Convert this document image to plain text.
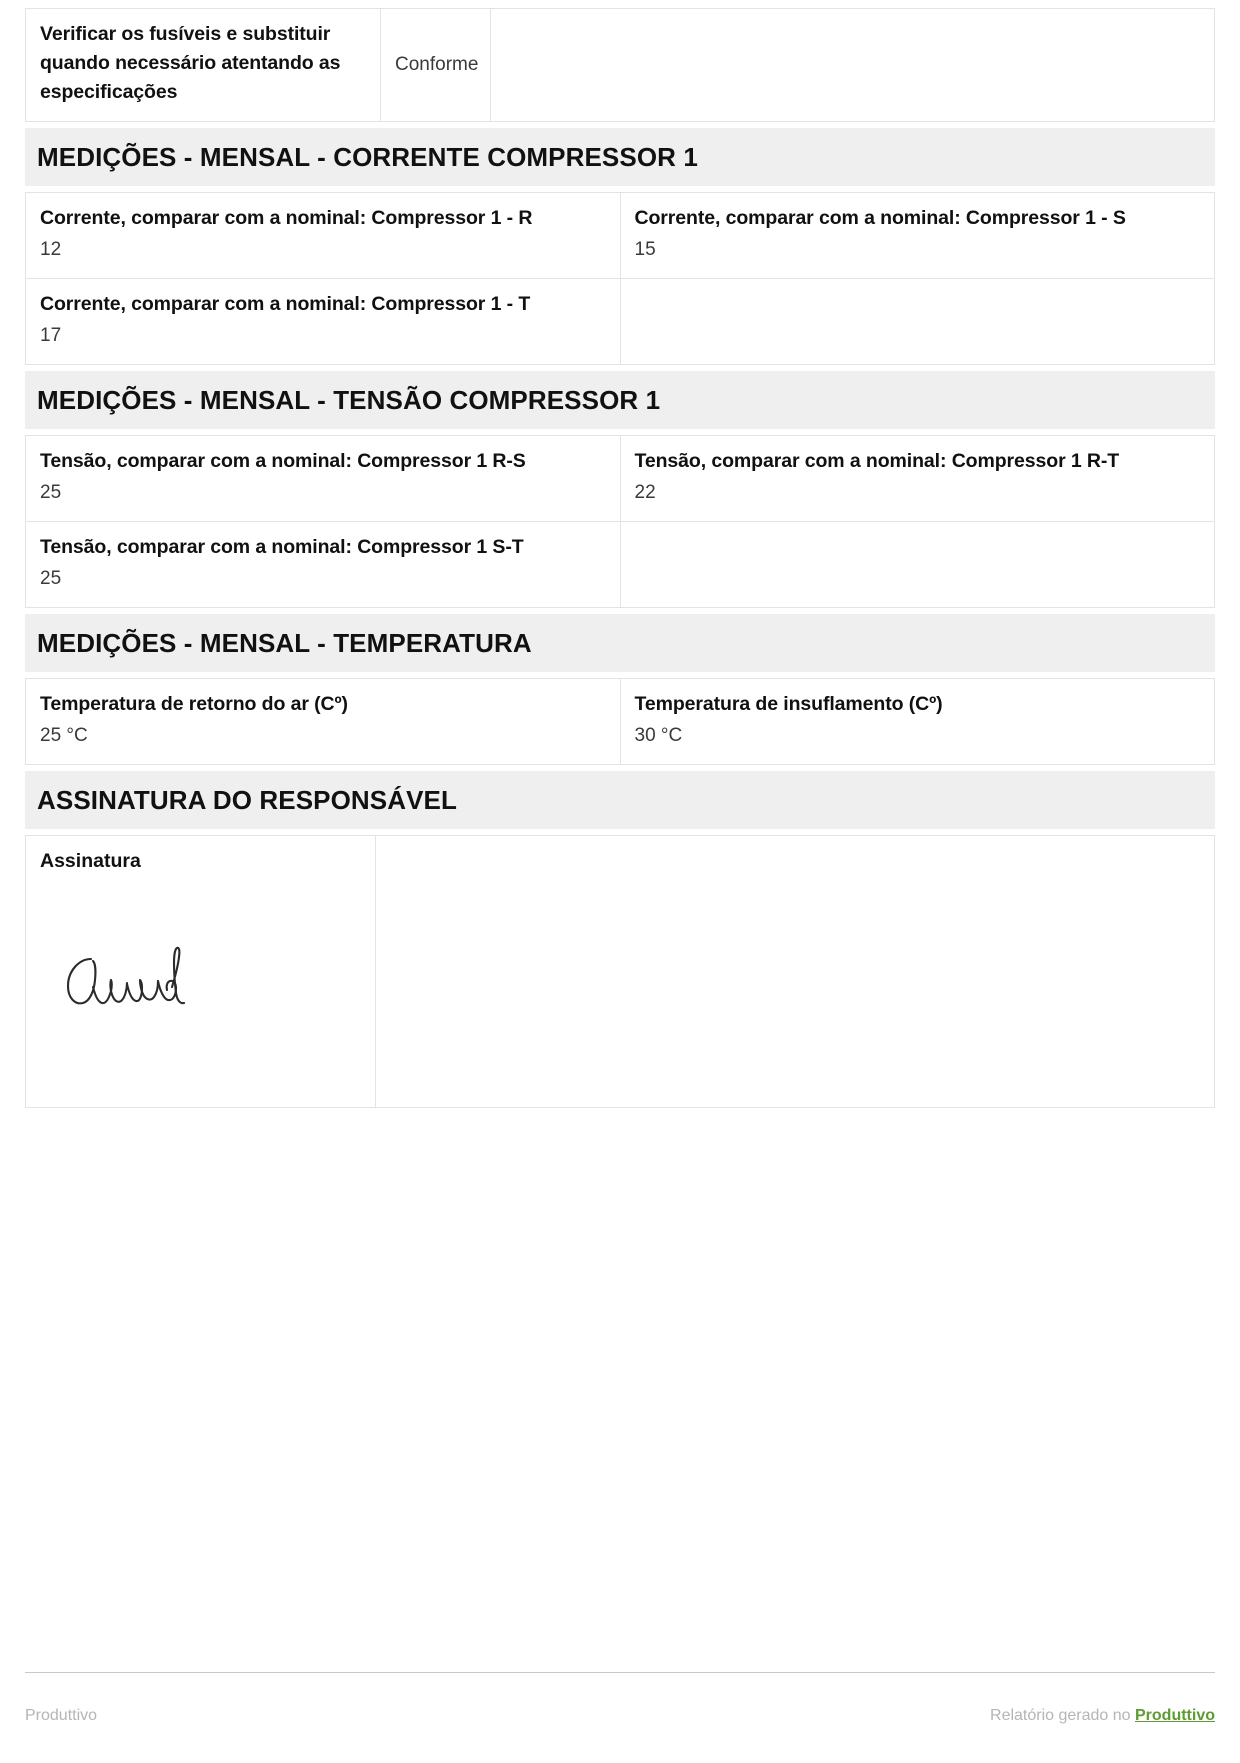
Verificar os fusíveis e substituir quando necessário atentando as especificações

Conforme

MEDIÇÕES - MENSAL - CORRENTE COMPRESSOR 1
Corrente, comparar com a nominal: Compressor 1 - R
12

Corrente, comparar com a nominal: Compressor 1 - S
15

Corrente, comparar com a nominal: Compressor 1 - T
17	

MEDIÇÕES - MENSAL - TENSÃO COMPRESSOR 1
Tensão, comparar com a nominal: Compressor 1 R-S
25

Tensão, comparar com a nominal: Compressor 1 R-T
22

Tensão, comparar com a nominal: Compressor 1 S-T
25	

MEDIÇÕES - MENSAL - TEMPERATURA
Temperatura de retorno do ar (Cº)
25 °C

Temperatura de insuflamento (Cº)
30 °C
ASSINATURA DO RESPONSÁVEL
Assinatura

Produttivo	Relatório gerado no Produttivo
